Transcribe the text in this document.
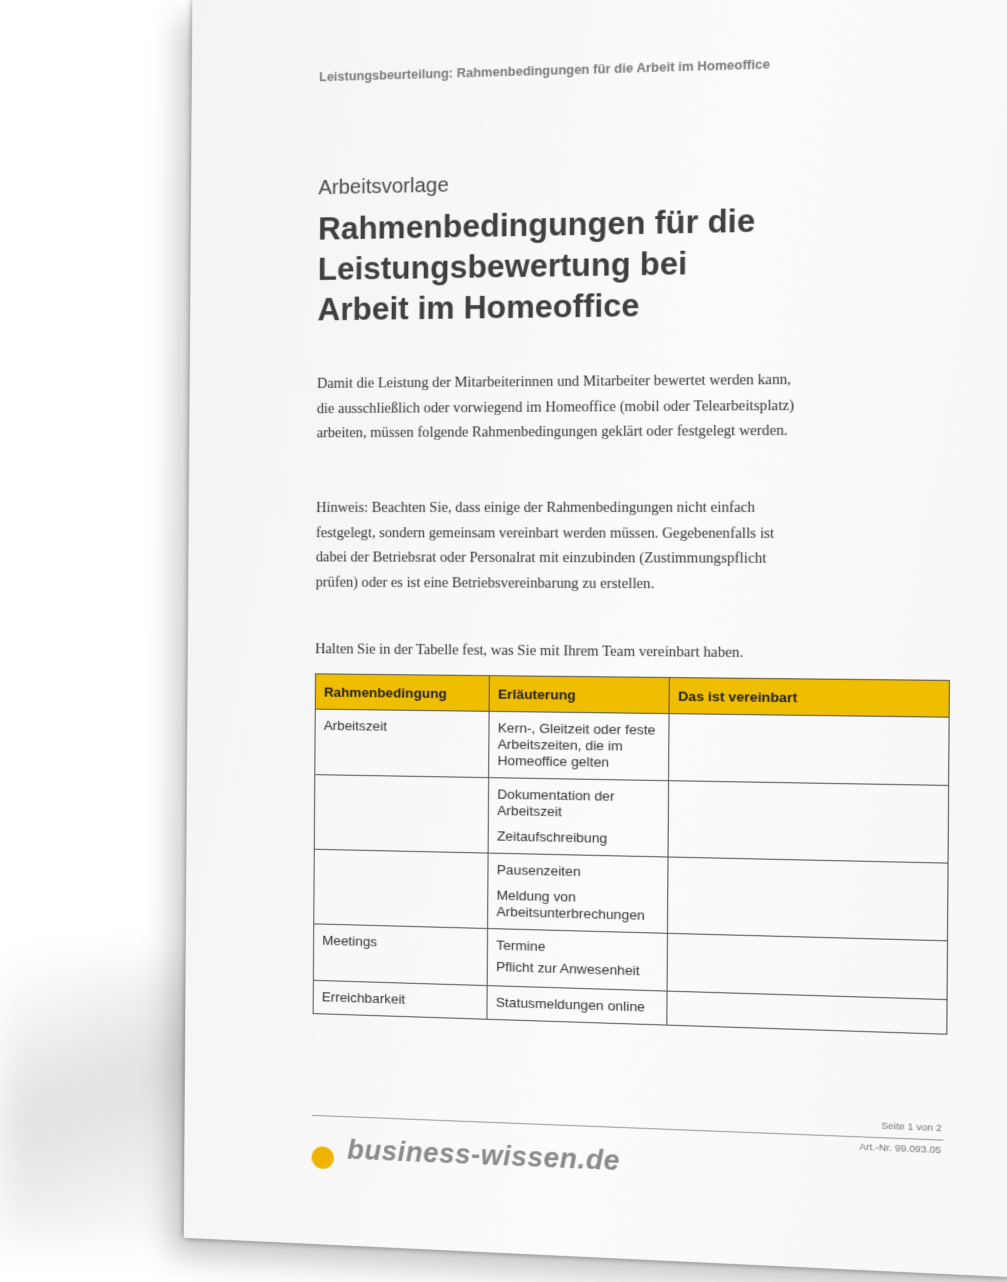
Leistungsbeurteilung: Rahmenbedingungen für die Arbeit im Homeoffice
Arbeitsvorlage
Rahmenbedingungen für die
Leistungsbewertung bei
Arbeit im Homeoffice

Damit die Leistung der Mitarbeiterinnen und Mitarbeiter bewertet werden kann, die ausschließlich oder vorwiegend im Homeoffice (mobil oder Telearbeitsplatz) arbeiten, müssen folgende Rahmenbedingungen geklärt oder festgelegt werden.

Hinweis: Beachten Sie, dass einige der Rahmenbedingungen nicht einfach festgelegt, sondern gemeinsam vereinbart werden müssen. Gegebenenfalls ist dabei der Betriebsrat oder Personalrat mit einzubinden (Zustimmungspflicht prüfen) oder es ist eine Betriebsvereinbarung zu erstellen.

Halten Sie in der Tabelle fest, was Sie mit Ihrem Team vereinbart haben.

Rahmenbedingung	Erläuterung	Das ist vereinbart
Arbeitszeit	Kern-, Gleitzeit oder feste Arbeitszeiten, die im Homeoffice gelten	

	Dokumentation der Arbeitszeit
Zeitaufschreibung	

	Pausenzeiten
Meldung von Arbeitsunterbrechungen	

Meetings	Termine
Pflicht zur Anwesenheit	

Erreichbarkeit	Statusmeldungen online	

Seite 1 von 2
Art.-Nr. 99.093.05
business-wissen.de
